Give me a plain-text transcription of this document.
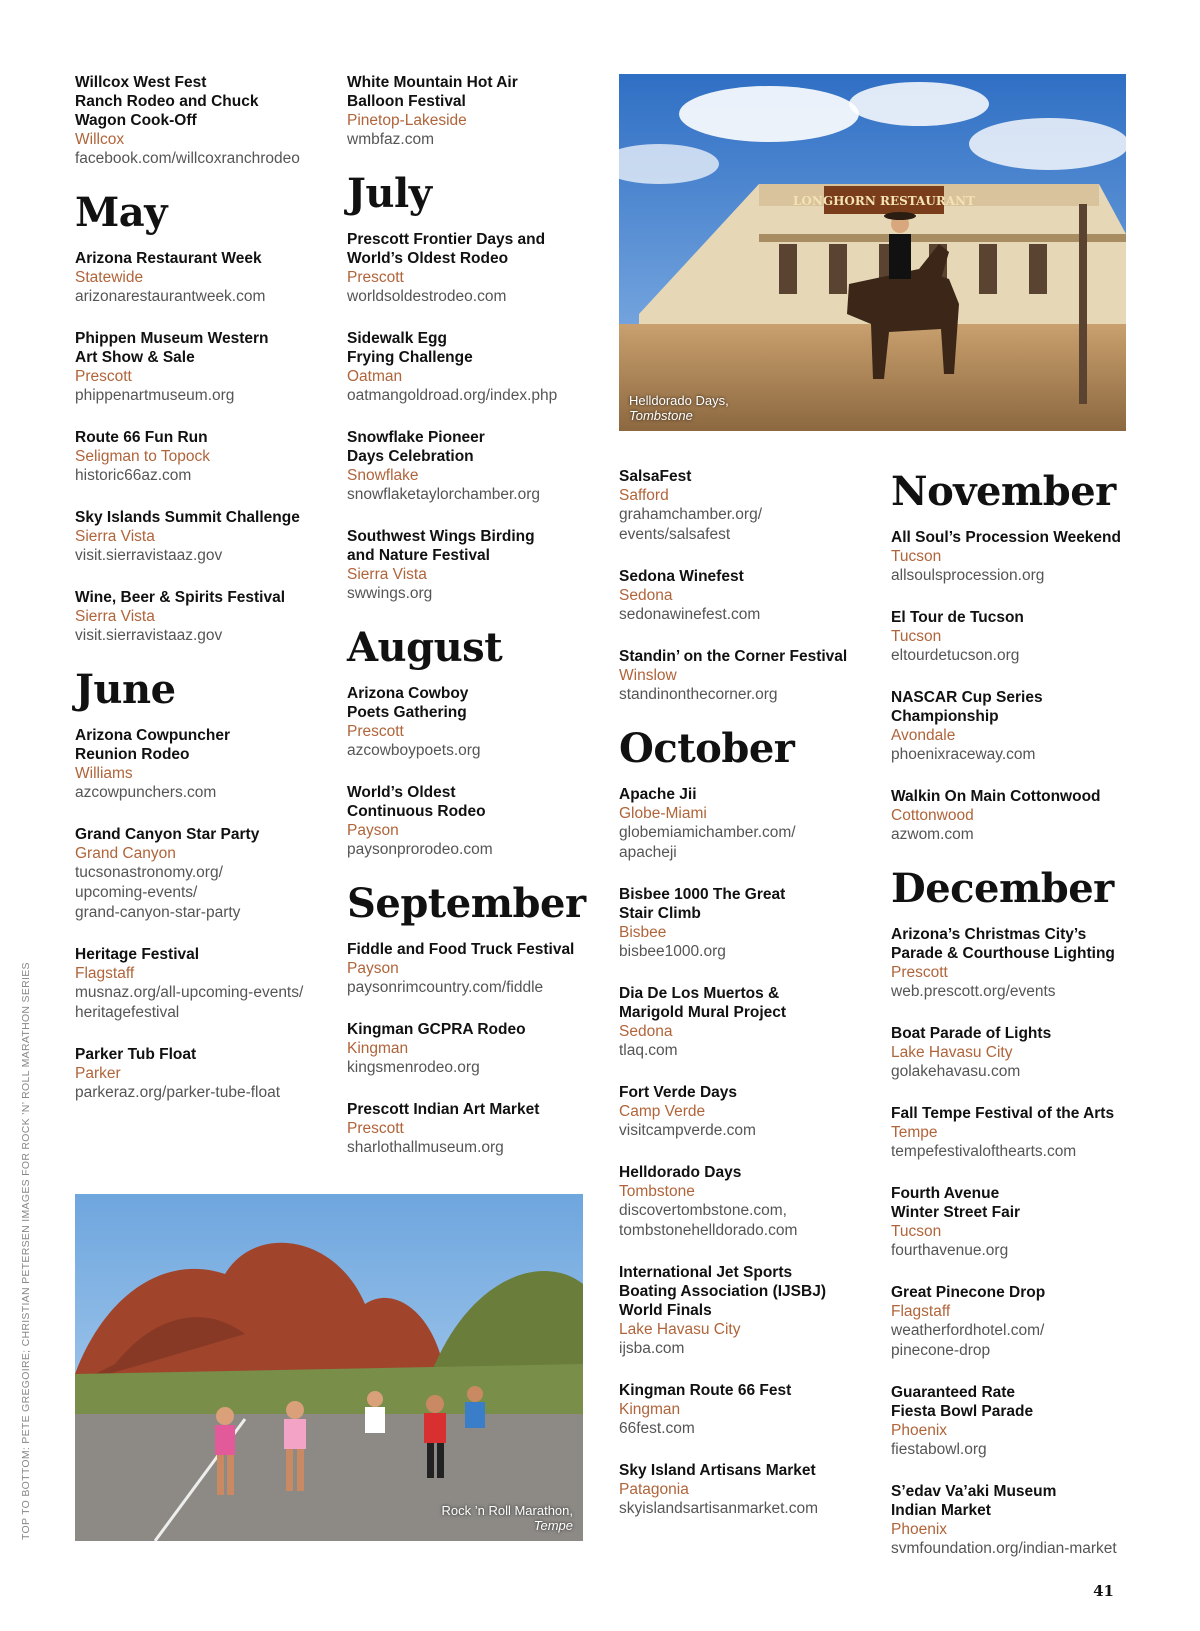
Willcox West Fest
Ranch Rodeo and Chuck
Wagon Cook-Off
Willcox
facebook.com/willcoxranchrodeo
May
Arizona Restaurant Week
Statewide
arizonarestaurantweek.com
Phippen Museum Western
Art Show & Sale
Prescott
phippenartmuseum.org
Route 66 Fun Run
Seligman to Topock
historic66az.com
Sky Islands Summit Challenge
Sierra Vista
visit.sierravistaaz.gov
Wine, Beer & Spirits Festival
Sierra Vista
visit.sierravistaaz.gov
June
Arizona Cowpuncher
Reunion Rodeo
Williams
azcowpunchers.com
Grand Canyon Star Party
Grand Canyon
tucsonastronomy.org/
upcoming-events/
grand-canyon-star-party
Heritage Festival
Flagstaff
musnaz.org/all-upcoming-events/
heritagefestival
Parker Tub Float
Parker
parkeraz.org/parker-tube-float
White Mountain Hot Air
Balloon Festival
Pinetop-Lakeside
wmbfaz.com
July
Prescott Frontier Days and
World’s Oldest Rodeo
Prescott
worldsoldestrodeo.com
Sidewalk Egg
Frying Challenge
Oatman
oatmangoldroad.org/index.php
Snowflake Pioneer
Days Celebration
Snowflake
snowflaketaylorchamber.org
Southwest Wings Birding
and Nature Festival
Sierra Vista
swwings.org
August
Arizona Cowboy
Poets Gathering
Prescott
azcowboypoets.org
World’s Oldest
Continuous Rodeo
Payson
paysonprorodeo.com
September
Fiddle and Food Truck Festival
Payson
paysonrimcountry.com/fiddle
Kingman GCPRA Rodeo
Kingman
kingsmenrodeo.org
Prescott Indian Art Market
Prescott
sharlothallmuseum.org
SalsaFest
Safford
grahamchamber.org/
events/salsafest
Sedona Winefest
Sedona
sedonawinefest.com
Standin’ on the Corner Festival
Winslow
standinonthecorner.org
October
Apache Jii
Globe-Miami
globemiamichamber.com/
apacheji
Bisbee 1000 The Great
Stair Climb
Bisbee
bisbee1000.org
Dia De Los Muertos &
Marigold Mural Project
Sedona
tlaq.com
Fort Verde Days
Camp Verde
visitcampverde.com
Helldorado Days
Tombstone
discovertombstone.com,
tombstonehelldorado.com
International Jet Sports
Boating Association (IJSBJ)
World Finals
Lake Havasu City
ijsba.com
Kingman Route 66 Fest
Kingman
66fest.com
Sky Island Artisans Market
Patagonia
skyislandsartisanmarket.com
November
All Soul’s Procession Weekend
Tucson
allsoulsprocession.org
El Tour de Tucson
Tucson
eltourdetucson.org
NASCAR Cup Series
Championship
Avondale
phoenixraceway.com
Walkin On Main Cottonwood
Cottonwood
azwom.com
December
Arizona’s Christmas City’s
Parade & Courthouse Lighting
Prescott
web.prescott.org/events
Boat Parade of Lights
Lake Havasu City
golakehavasu.com
Fall Tempe Festival of the Arts
Tempe
tempefestivalofthearts.com
Fourth Avenue
Winter Street Fair
Tucson
fourthavenue.org
Great Pinecone Drop
Flagstaff
weatherfordhotel.com/
pinecone-drop
Guaranteed Rate
Fiesta Bowl Parade
Phoenix
fiestabowl.org
S’edav Va’aki Museum
Indian Market
Phoenix
svmfoundation.org/indian-market
LONGHORN RESTAURANT
Helldorado Days,
Tombstone
Rock ’n Roll Marathon,
Tempe
TOP TO BOTTOM: PETE GREGOIRE; CHRISTIAN PETERSEN IMAGES FOR ROCK ’N’ ROLL MARATHON SERIES
41
